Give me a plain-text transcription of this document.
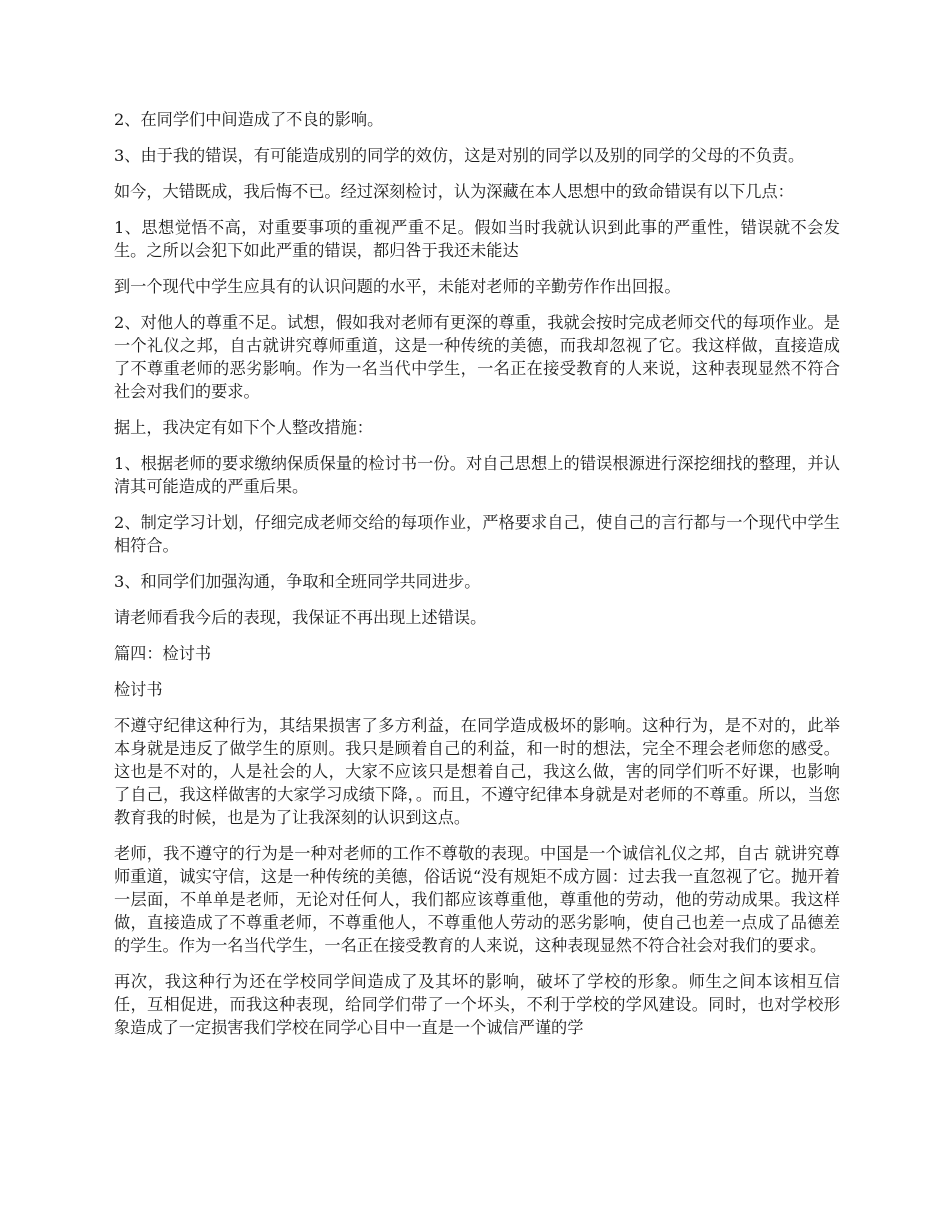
2、在同学们中间造成了不良的影响。

3、由于我的错误，有可能造成别的同学的效仿，这是对别的同学以及别的同学的父母的不负责。

如今，大错既成，我后悔不已。经过深刻检讨，认为深藏在本人思想中的致命错误有以下几点：

1、思想觉悟不高，对重要事项的重视严重不足。假如当时我就认识到此事的严重性，错误就不会发生。之所以会犯下如此严重的错误，都归咎于我还未能达

到一个现代中学生应具有的认识问题的水平，未能对老师的辛勤劳作作出回报。

2、对他人的尊重不足。试想，假如我对老师有更深的尊重，我就会按时完成老师交代的每项作业。是一个礼仪之邦，自古就讲究尊师重道，这是一种传统的美德，而我却忽视了它。我这样做，直接造成了不尊重老师的恶劣影响。作为一名当代中学生，一名正在接受教育的人来说，这种表现显然不符合社会对我们的要求。

据上，我决定有如下个人整改措施：

1、根据老师的要求缴纳保质保量的检讨书一份。对自己思想上的错误根源进行深挖细找的整理，并认清其可能造成的严重后果。

2、制定学习计划，仔细完成老师交给的每项作业，严格要求自己，使自己的言行都与一个现代中学生相符合。

3、和同学们加强沟通，争取和全班同学共同进步。

请老师看我今后的表现，我保证不再出现上述错误。

篇四：检讨书

检讨书

不遵守纪律这种行为，其结果损害了多方利益，在同学造成极坏的影响。这种行为，是不对的，此举本身就是违反了做学生的原则。我只是顾着自己的利益，和一时的想法，完全不理会老师您的感受。这也是不对的，人是社会的人，大家不应该只是想着自己，我这么做，害的同学们听不好课，也影响了自己，我这样做害的大家学习成绩下降，。而且，不遵守纪律本身就是对老师的不尊重。所以，当您教育我的时候，也是为了让我深刻的认识到这点。

老师，我不遵守的行为是一种对老师的工作不尊敬的表现。中国是一个诚信礼仪之邦，自古 就讲究尊师重道，诚实守信，这是一种传统的美德，俗话说“没有规矩不成方圆：过去我一直忽视了它。抛开着一层面，不单单是老师，无论对任何人，我们都应该尊重他，尊重他的劳动，他的劳动成果。我这样做，直接造成了不尊重老师，不尊重他人，不尊重他人劳动的恶劣影响，使自己也差一点成了品德差的学生。作为一名当代学生，一名正在接受教育的人来说，这种表现显然不符合社会对我们的要求。

再次，我这种行为还在学校同学间造成了及其坏的影响，破坏了学校的形象。师生之间本该相互信任，互相促进，而我这种表现，给同学们带了一个坏头，不利于学校的学风建设。同时，也对学校形象造成了一定损害我们学校在同学心目中一直是一个诚信严谨的学
